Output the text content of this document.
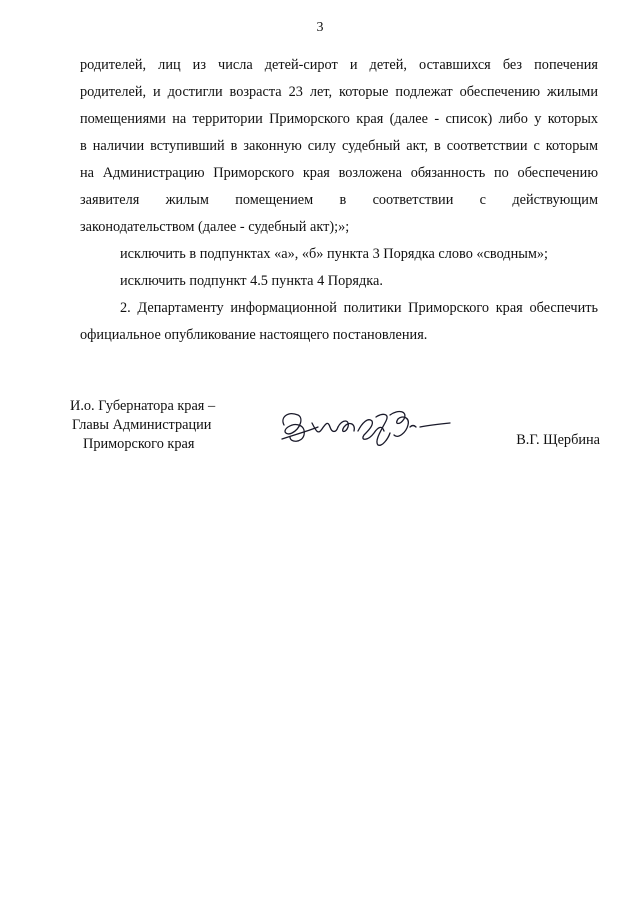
3

родителей, лиц из числа детей-сирот и детей, оставшихся без попечения

родителей, и достигли возраста 23 лет, которые подлежат обеспечению жилыми

помещениями на территории Приморского края (далее - список) либо у которых

в наличии вступивший в законную силу судебный акт, в соответствии с которым

на Администрацию Приморского края возложена обязанность по обеспечению

заявителя жилым помещением в соответствии с действующим

законодательством (далее - судебный акт);»;

исключить в подпунктах «а», «б» пункта 3 Порядка слово «сводным»;

исключить подпункт 4.5 пункта 4 Порядка.

2. Департаменту информационной политики Приморского края обеспечить

официальное опубликование настоящего постановления.

И.о. Губернатора края –
Главы Администрации
Приморского края	В.Г. Щербина
